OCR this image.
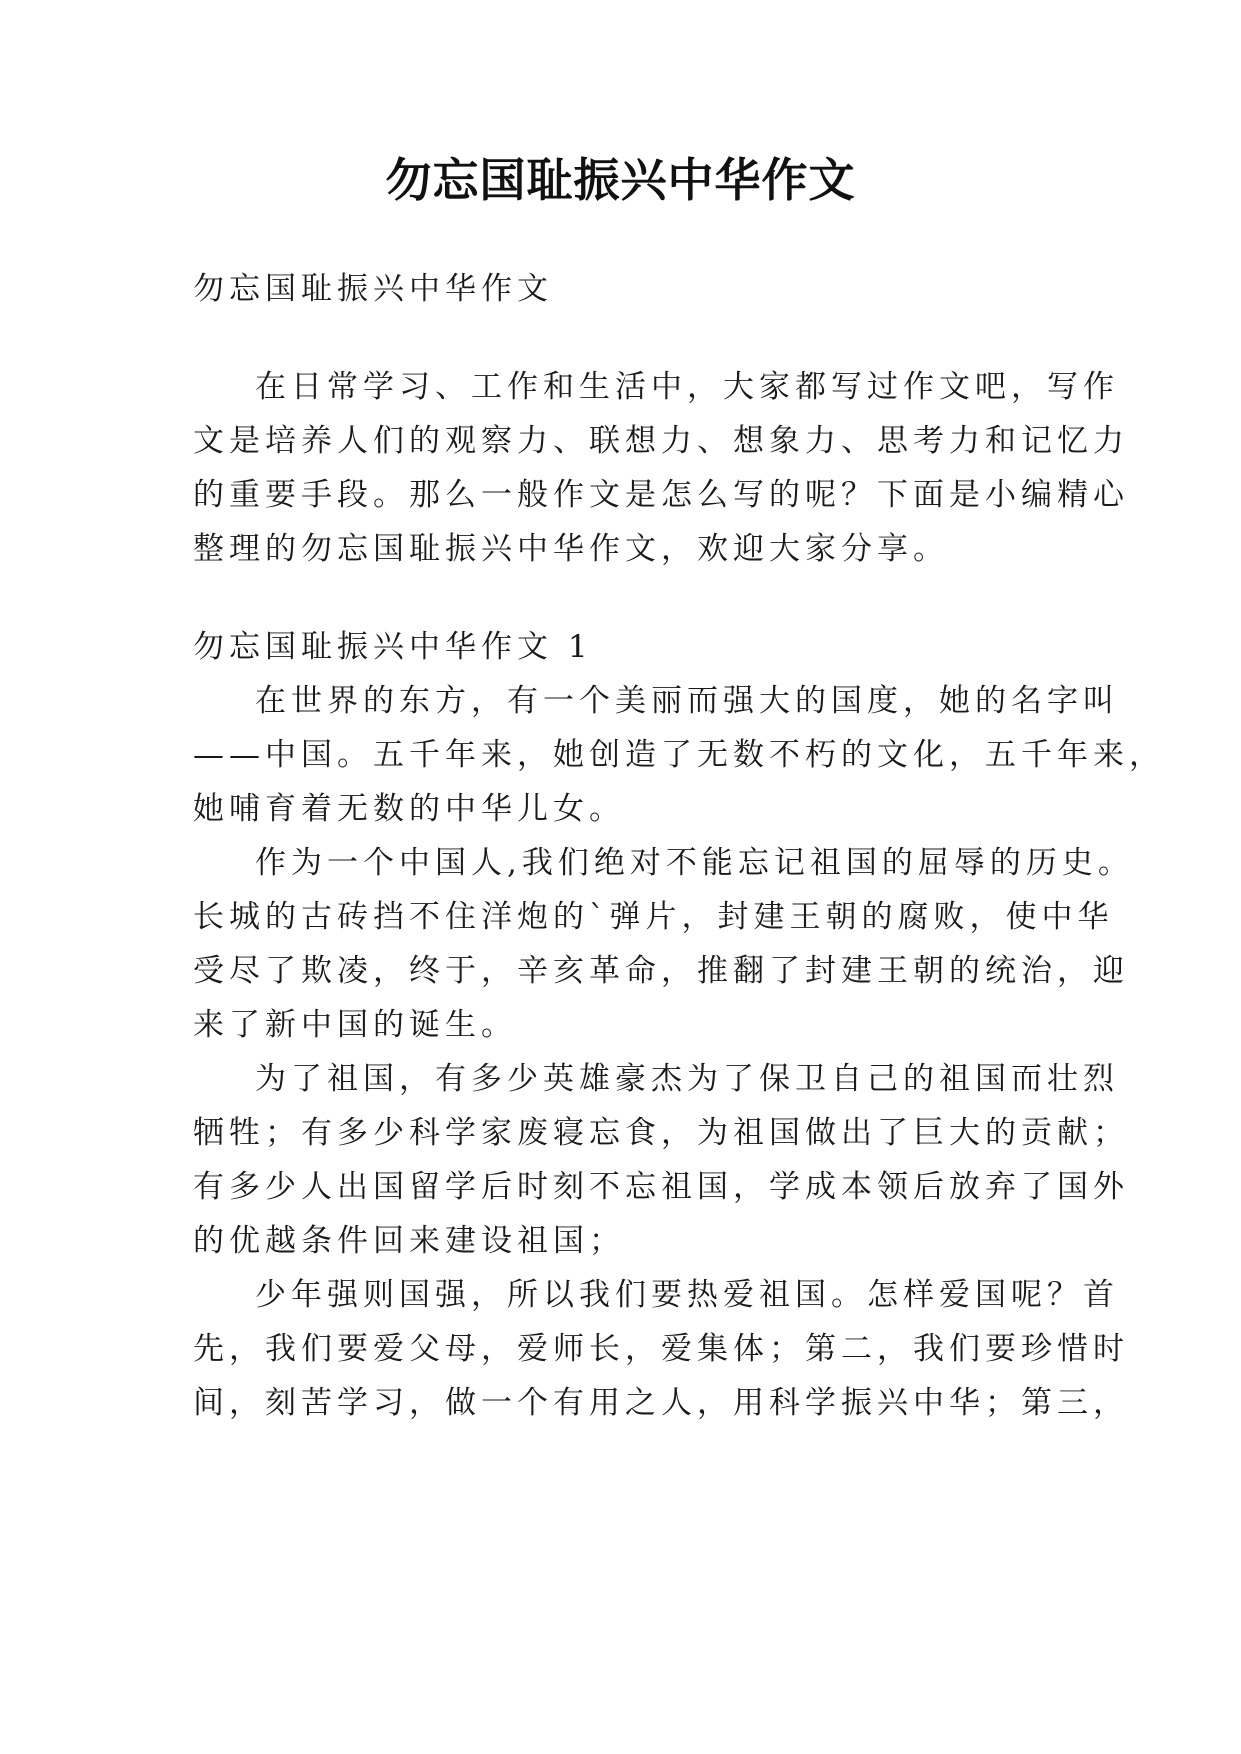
勿忘国耻振兴中华作文
勿忘国耻振兴中华作文
在日常学习、工作和生活中，大家都写过作文吧，写作
文是培养人们的观察力、联想力、想象力、思考力和记忆力
的重要手段。那么一般作文是怎么写的呢？下面是小编精心
整理的勿忘国耻振兴中华作文，欢迎大家分享。
勿忘国耻振兴中华作文 1
在世界的东方，有一个美丽而强大的国度，她的名字叫
——中国。五千年来，她创造了无数不朽的文化，五千年来，
她哺育着无数的中华儿女。
作为一个中国人,我们绝对不能忘记祖国的屈辱的历史。
长城的古砖挡不住洋炮的`弹片，封建王朝的腐败，使中华
受尽了欺凌，终于，辛亥革命，推翻了封建王朝的统治，迎
来了新中国的诞生。
为了祖国，有多少英雄豪杰为了保卫自己的祖国而壮烈
牺牲；有多少科学家废寝忘食，为祖国做出了巨大的贡献；
有多少人出国留学后时刻不忘祖国，学成本领后放弃了国外
的优越条件回来建设祖国；
少年强则国强，所以我们要热爱祖国。怎样爱国呢？首
先，我们要爱父母，爱师长，爱集体；第二，我们要珍惜时
间，刻苦学习，做一个有用之人，用科学振兴中华；第三，
